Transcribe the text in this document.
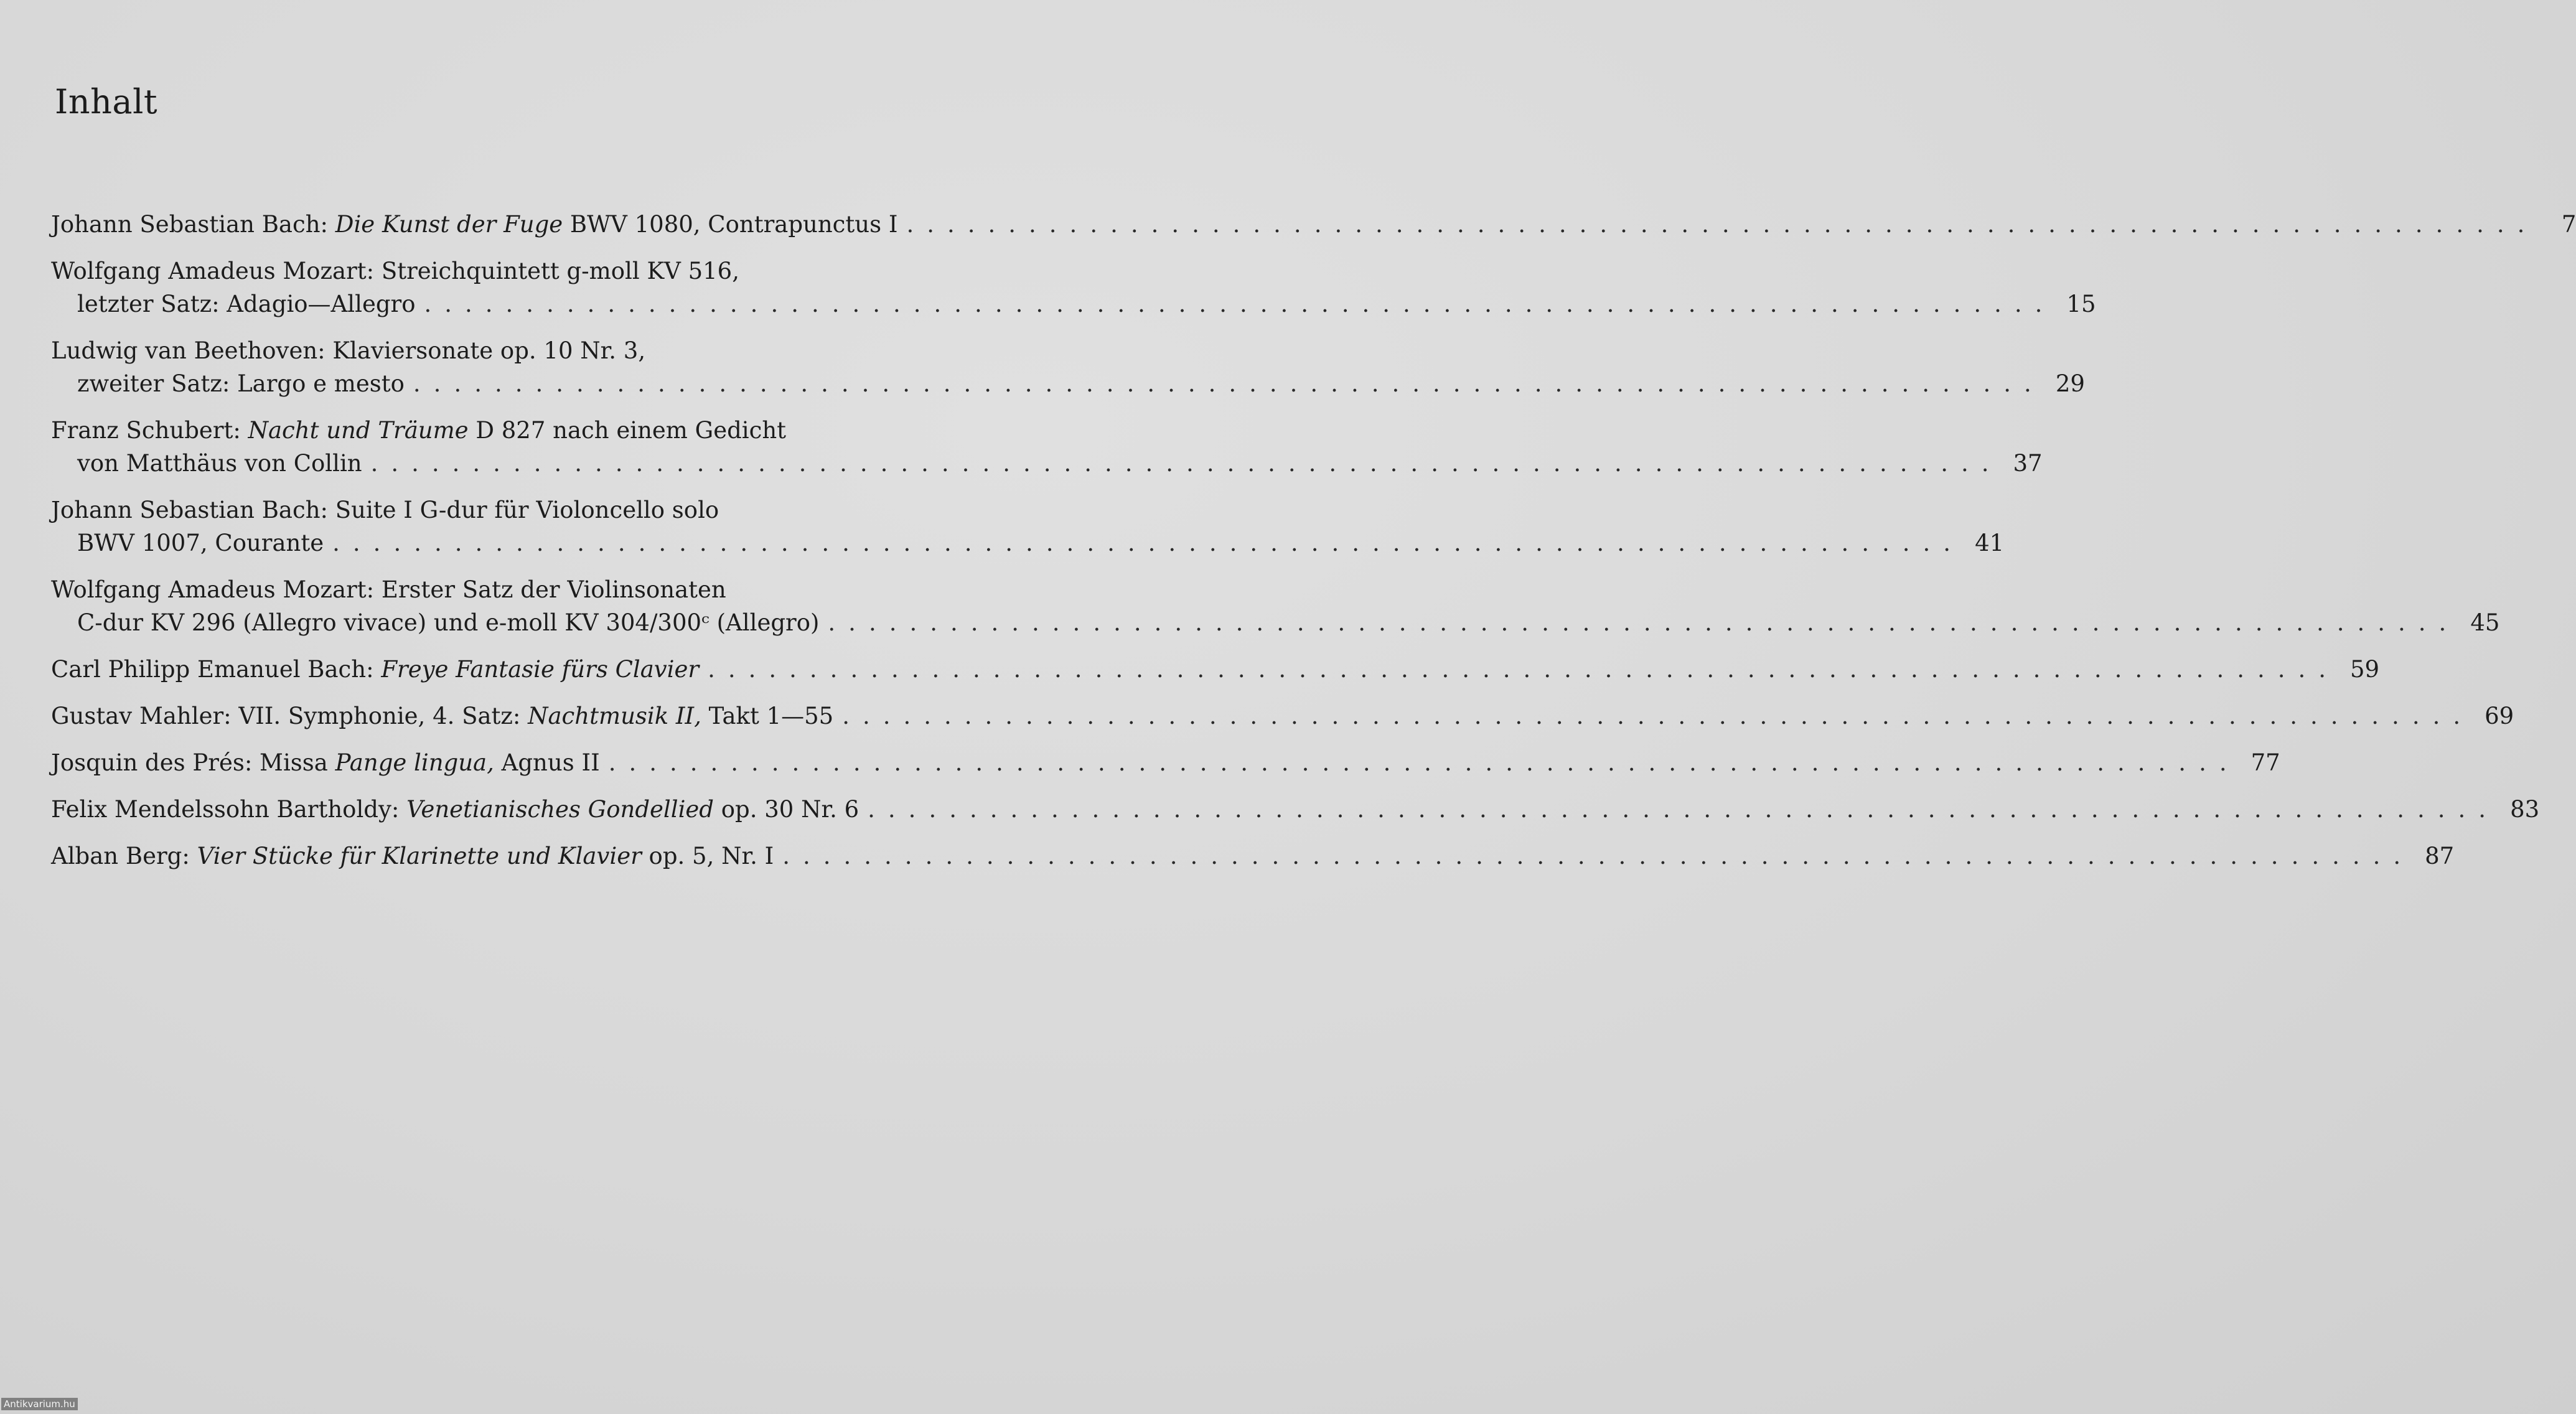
Inhalt
Johann Sebastian Bach: Die Kunst der Fuge BWV 1080, Contrapunctus I ................................................................................	7
Wolfgang Amadeus Mozart: Streichquintett g-moll KV 516,
letzter Satz: Adagio—Allegro ................................................................................ 15
Ludwig van Beethoven: Klaviersonate op. 10 Nr. 3,
zweiter Satz: Largo e mesto ................................................................................ 29
Franz Schubert: Nacht und Träume D 827 nach einem Gedicht
von Matthäus von Collin ................................................................................ 37
Johann Sebastian Bach: Suite I G-dur für Violoncello solo
BWV 1007, Courante ................................................................................ 41
Wolfgang Amadeus Mozart: Erster Satz der Violinsonaten
C-dur KV 296 (Allegro vivace) und e-moll KV 304/300ᶜ (Allegro) ................................................................................ 45
Carl Philipp Emanuel Bach: Freye Fantasie fürs Clavier ................................................................................ 59
Gustav Mahler: VII. Symphonie, 4. Satz: Nachtmusik II, Takt 1—55 ................................................................................ 69
Josquin des Prés: Missa Pange lingua, Agnus II ................................................................................ 77
Felix Mendelssohn Bartholdy: Venetianisches Gondellied op. 30 Nr. 6 ................................................................................ 83
Alban Berg: Vier Stücke für Klarinette und Klavier op. 5, Nr. I ................................................................................ 87
Antikvarium.hu
